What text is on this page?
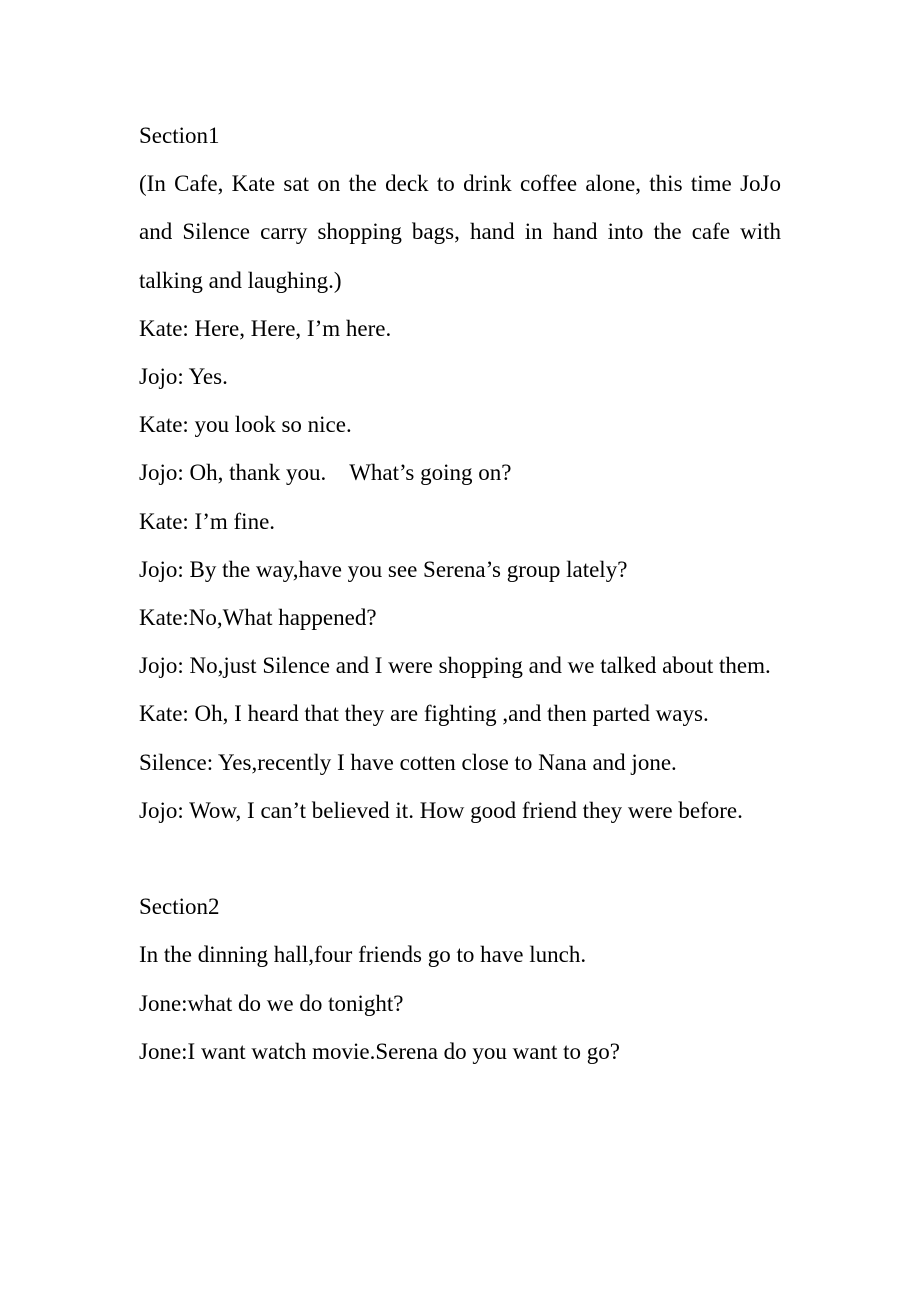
Section1

(In Cafe, Kate sat on the deck to drink coffee alone, this time JoJo and Silence carry shopping bags, hand in hand into the cafe with talking and laughing.)

Kate: Here, Here, I’m here.

Jojo: Yes.

Kate: you look so nice.

Jojo: Oh, thank you.    What’s going on?

Kate: I’m fine.

Jojo: By the way,have you see Serena’s group lately?

Kate:No,What happened?

Jojo: No,just Silence and I were shopping and we talked about them.

Kate: Oh, I heard that they are fighting ,and then parted ways.

Silence: Yes,recently I have cotten close to Nana and jone.

Jojo: Wow, I can’t believed it. How good friend they were before.

Section2

In the dinning hall,four friends go to have lunch.

Jone:what do we do tonight?

Jone:I want watch movie.Serena do you want to go?
